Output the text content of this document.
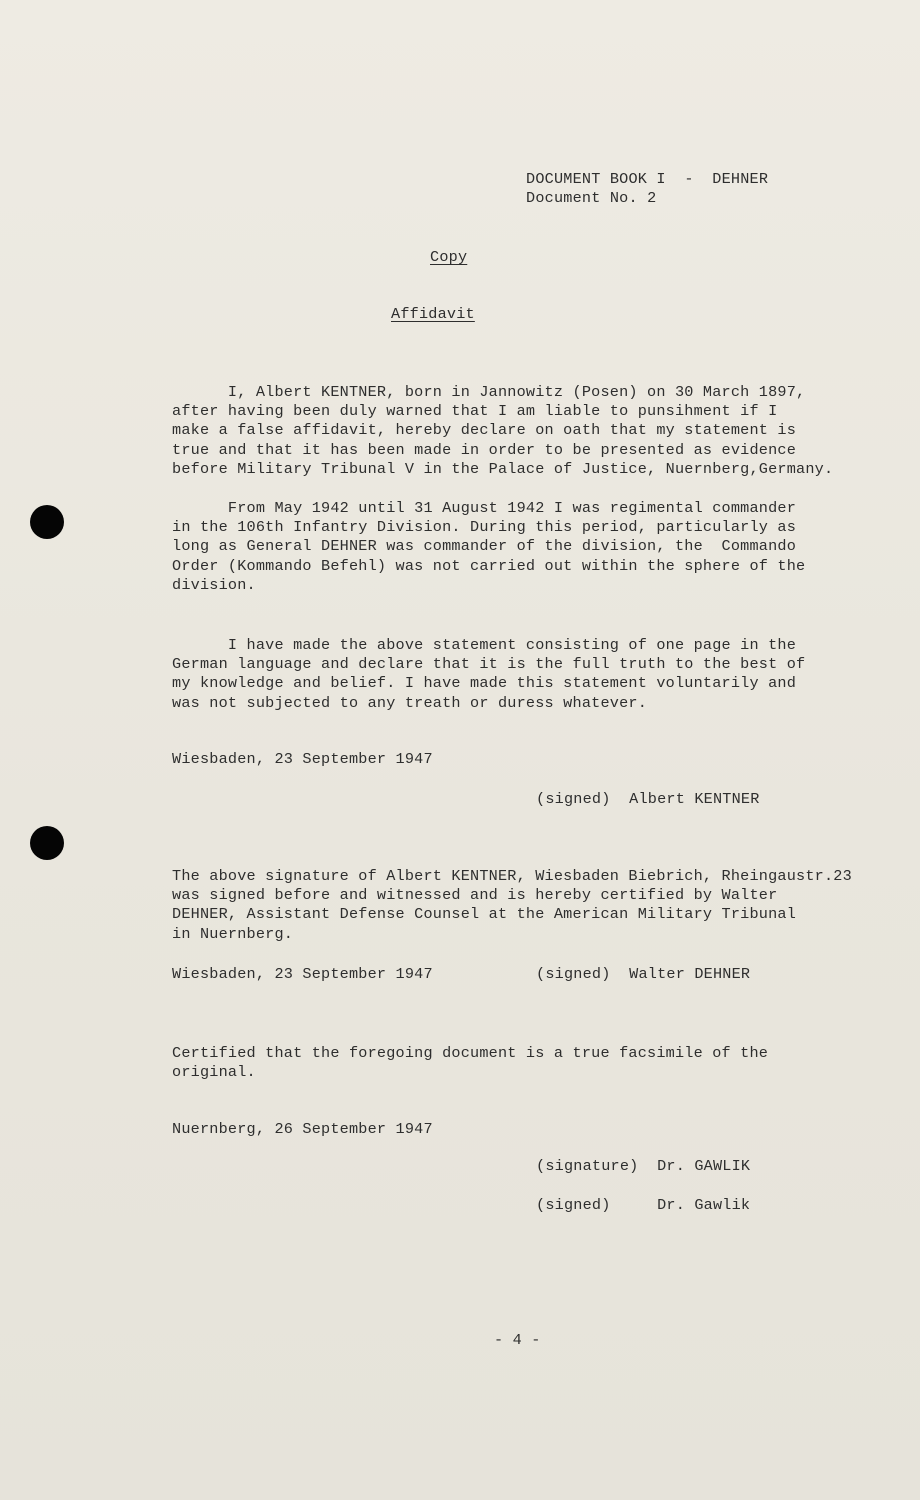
DOCUMENT BOOK I  -  DEHNER
Document No. 2
Copy
Affidavit
I, Albert KENTNER, born in Jannowitz (Posen) on 30 March 1897,
after having been duly warned that I am liable to punsihment if I
make a false affidavit, hereby declare on oath that my statement is
true and that it has been made in order to be presented as evidence
before Military Tribunal V in the Palace of Justice, Nuernberg,Germany.
From May 1942 until 31 August 1942 I was regimental commander
in the 106th Infantry Division. During this period, particularly as
long as General DEHNER was commander of the division, the  Commando
Order (Kommando Befehl) was not carried out within the sphere of the
division.
I have made the above statement consisting of one page in the
German language and declare that it is the full truth to the best of
my knowledge and belief. I have made this statement voluntarily and
was not subjected to any treath or duress whatever.
Wiesbaden, 23 September 1947
(signed)  Albert KENTNER
The above signature of Albert KENTNER, Wiesbaden Biebrich, Rheingaustr.23
was signed before and witnessed and is hereby certified by Walter
DEHNER, Assistant Defense Counsel at the American Military Tribunal
in Nuernberg.
Wiesbaden, 23 September 1947	(signed)  Walter DEHNER
Certified that the foregoing document is a true facsimile of the
original.
Nuernberg, 26 September 1947
(signature)  Dr. GAWLIK
(signed)     Dr. Gawlik
- 4 -
